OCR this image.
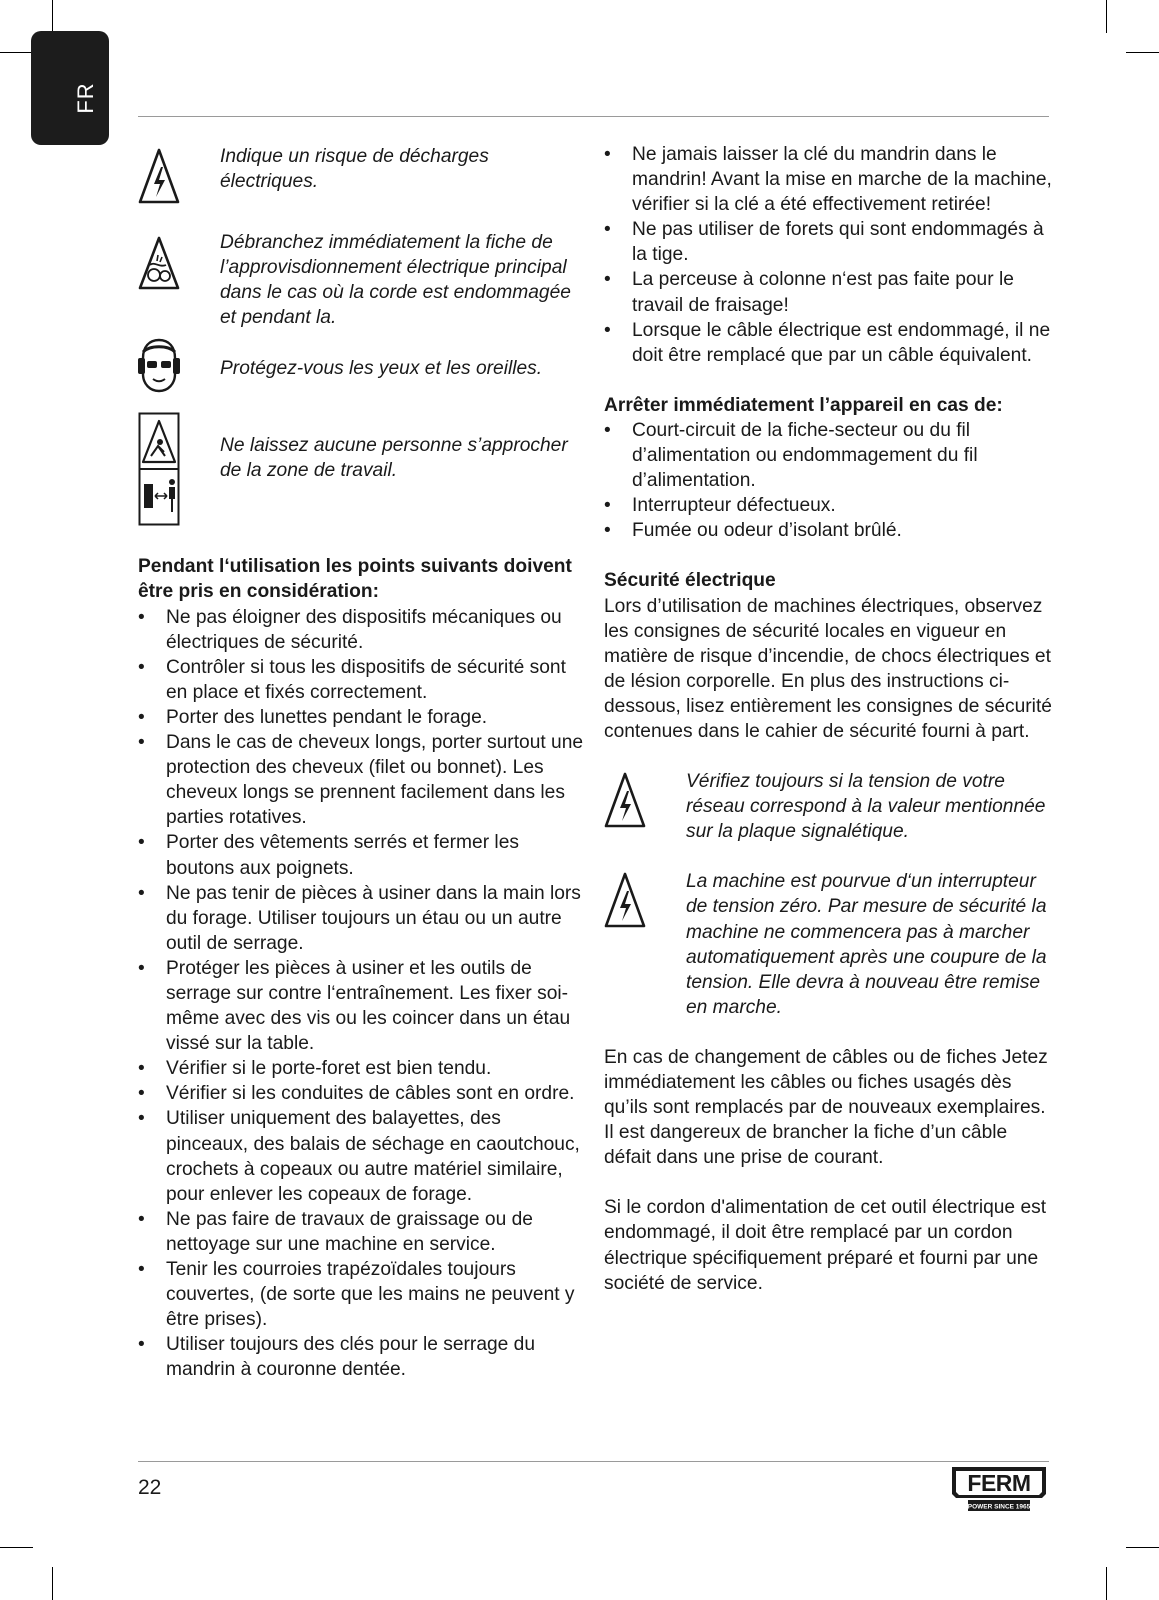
FR
Indique un risque de décharges électriques.
Débranchez immédiatement la fiche de l’approvisdionnement électrique principal dans le cas où la corde est endommagée et pendant la.
Protégez-vous les yeux et les oreilles.
Ne laissez aucune personne s’approcher de la zone de travail.
Pendant l‘utilisation les points suivants doivent être pris en considération:
• Ne pas éloigner des dispositifs mécaniques ou électriques de sécurité.
• Contrôler si tous les dispositifs de sécurité sont en place et fixés correctement.
• Porter des lunettes pendant le forage.
• Dans le cas de cheveux longs, porter surtout une protection des cheveux (filet ou bonnet). Les cheveux longs se prennent facilement dans les parties rotatives.
• Porter des vêtements serrés et fermer les boutons aux poignets.
• Ne pas tenir de pièces à usiner dans la main lors du forage. Utiliser toujours un étau ou un autre outil de serrage.
• Protéger les pièces à usiner et les outils de serrage sur contre l‘entraînement. Les fixer soi-même avec des vis ou les coincer dans un étau vissé sur la table.
• Vérifier si le porte-foret est bien tendu.
• Vérifier si les conduites de câbles sont en ordre.
• Utiliser uniquement des balayettes, des pinceaux, des balais de séchage en caoutchouc, crochets à copeaux ou autre matériel similaire, pour enlever les copeaux de forage.
• Ne pas faire de travaux de graissage ou de nettoyage sur une machine en service.
• Tenir les courroies trapézoïdales toujours couvertes, (de sorte que les mains ne peuvent y être prises).
• Utiliser toujours des clés pour le serrage du mandrin à couronne dentée.
• Ne jamais laisser la clé du mandrin dans le mandrin! Avant la mise en marche de la machine, vérifier si la clé a été effectivement retirée!
• Ne pas utiliser de forets qui sont endommagés à la tige.
• La perceuse à colonne n‘est pas faite pour le travail de fraisage!
• Lorsque le câble électrique est endommagé, il ne doit être remplacé que par un câble équivalent.
Arrêter immédiatement l’appareil en cas de:
• Court-circuit de la fiche-secteur ou du fil d’alimentation ou endommagement du fil d’alimentation.
• Interrupteur défectueux.
• Fumée ou odeur d’isolant brûlé.
Sécurité électrique

Lors d’utilisation de machines électriques, observez les consignes de sécurité locales en vigueur en matière de risque d’incendie, de chocs électriques et de lésion corporelle. En plus des instructions ci-dessous, lisez entièrement les consignes de sécurité contenues dans le cahier de sécurité fourni à part.

Vérifiez toujours si la tension de votre réseau correspond à la valeur mentionnée sur la plaque signalétique.
La machine est pourvue d‘un interrupteur de tension zéro. Par mesure de sécurité la machine ne commencera pas à marcher automatiquement après une coupure de la tension. Elle devra à nouveau être remise en marche.

En cas de changement de câbles ou de fiches Jetez immédiatement les câbles ou fiches usagés dès qu’ils sont remplacés par de nouveaux exemplaires. Il est dangereux de brancher la fiche d’un câble défait dans une prise de courant.

Si le cordon d'alimentation de cet outil électrique est endommagé, il doit être remplacé par un cordon électrique spécifiquement préparé et fourni par une société de service.

22	FERM
POWER SINCE 1965
